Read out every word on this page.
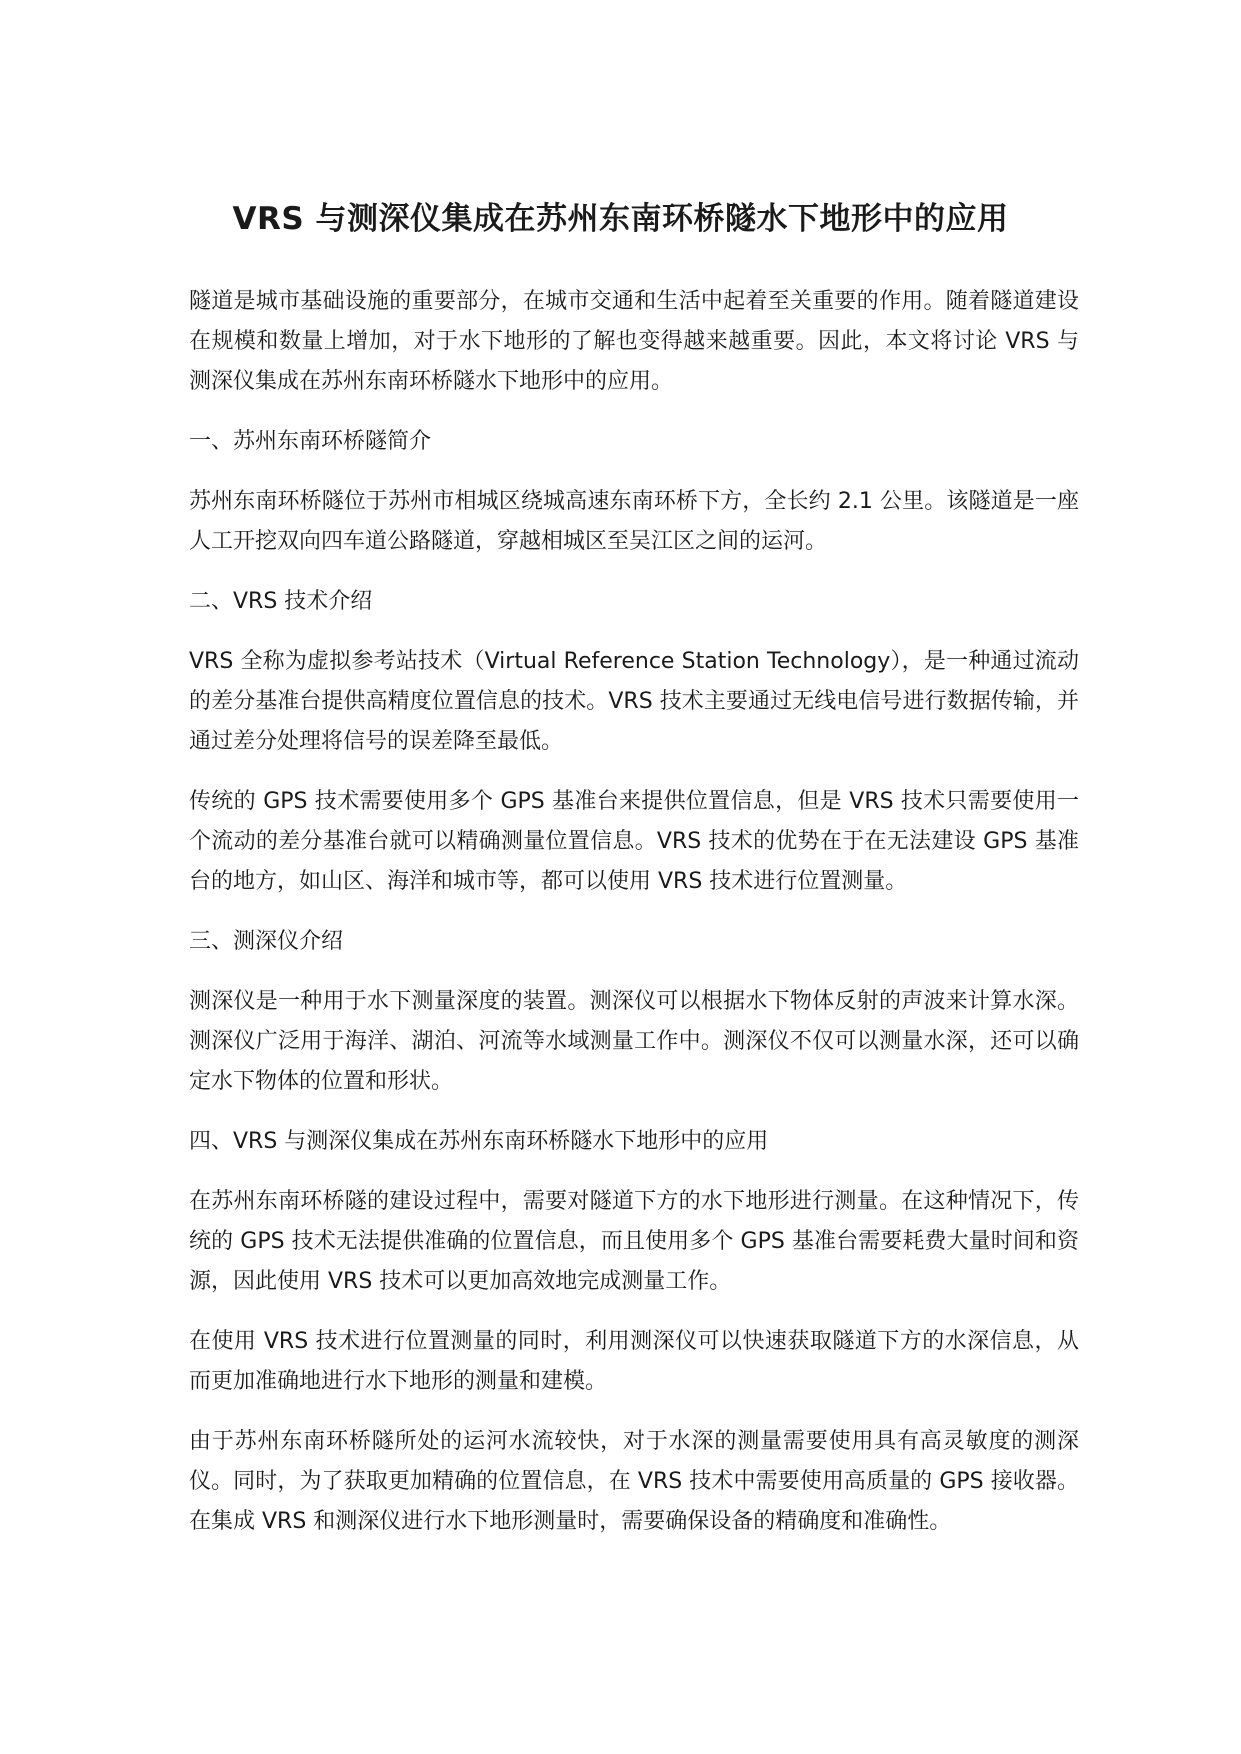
VRS 与测深仪集成在苏州东南环桥隧水下地形中的应用

隧道是城市基础设施的重要部分，在城市交通和生活中起着至关重要的作用。随着隧道建设在规模和数量上增加，对于水下地形的了解也变得越来越重要。因此，本文将讨论 VRS 与测深仪集成在苏州东南环桥隧水下地形中的应用。

一、苏州东南环桥隧简介

苏州东南环桥隧位于苏州市相城区绕城高速东南环桥下方，全长约 2.1 公里。该隧道是一座人工开挖双向四车道公路隧道，穿越相城区至吴江区之间的运河。

二、VRS 技术介绍

VRS 全称为虚拟参考站技术（Virtual Reference Station Technology），是一种通过流动的差分基准台提供高精度位置信息的技术。VRS 技术主要通过无线电信号进行数据传输，并通过差分处理将信号的误差降至最低。

传统的 GPS 技术需要使用多个 GPS 基准台来提供位置信息，但是 VRS 技术只需要使用一个流动的差分基准台就可以精确测量位置信息。VRS 技术的优势在于在无法建设 GPS 基准台的地方，如山区、海洋和城市等，都可以使用 VRS 技术进行位置测量。

三、测深仪介绍

测深仪是一种用于水下测量深度的装置。测深仪可以根据水下物体反射的声波来计算水深。测深仪广泛用于海洋、湖泊、河流等水域测量工作中。测深仪不仅可以测量水深，还可以确定水下物体的位置和形状。

四、VRS 与测深仪集成在苏州东南环桥隧水下地形中的应用

在苏州东南环桥隧的建设过程中，需要对隧道下方的水下地形进行测量。在这种情况下，传统的 GPS 技术无法提供准确的位置信息，而且使用多个 GPS 基准台需要耗费大量时间和资源，因此使用 VRS 技术可以更加高效地完成测量工作。

在使用 VRS 技术进行位置测量的同时，利用测深仪可以快速获取隧道下方的水深信息，从而更加准确地进行水下地形的测量和建模。

由于苏州东南环桥隧所处的运河水流较快，对于水深的测量需要使用具有高灵敏度的测深仪。同时，为了获取更加精确的位置信息，在 VRS 技术中需要使用高质量的 GPS 接收器。在集成 VRS 和测深仪进行水下地形测量时，需要确保设备的精确度和准确性。
